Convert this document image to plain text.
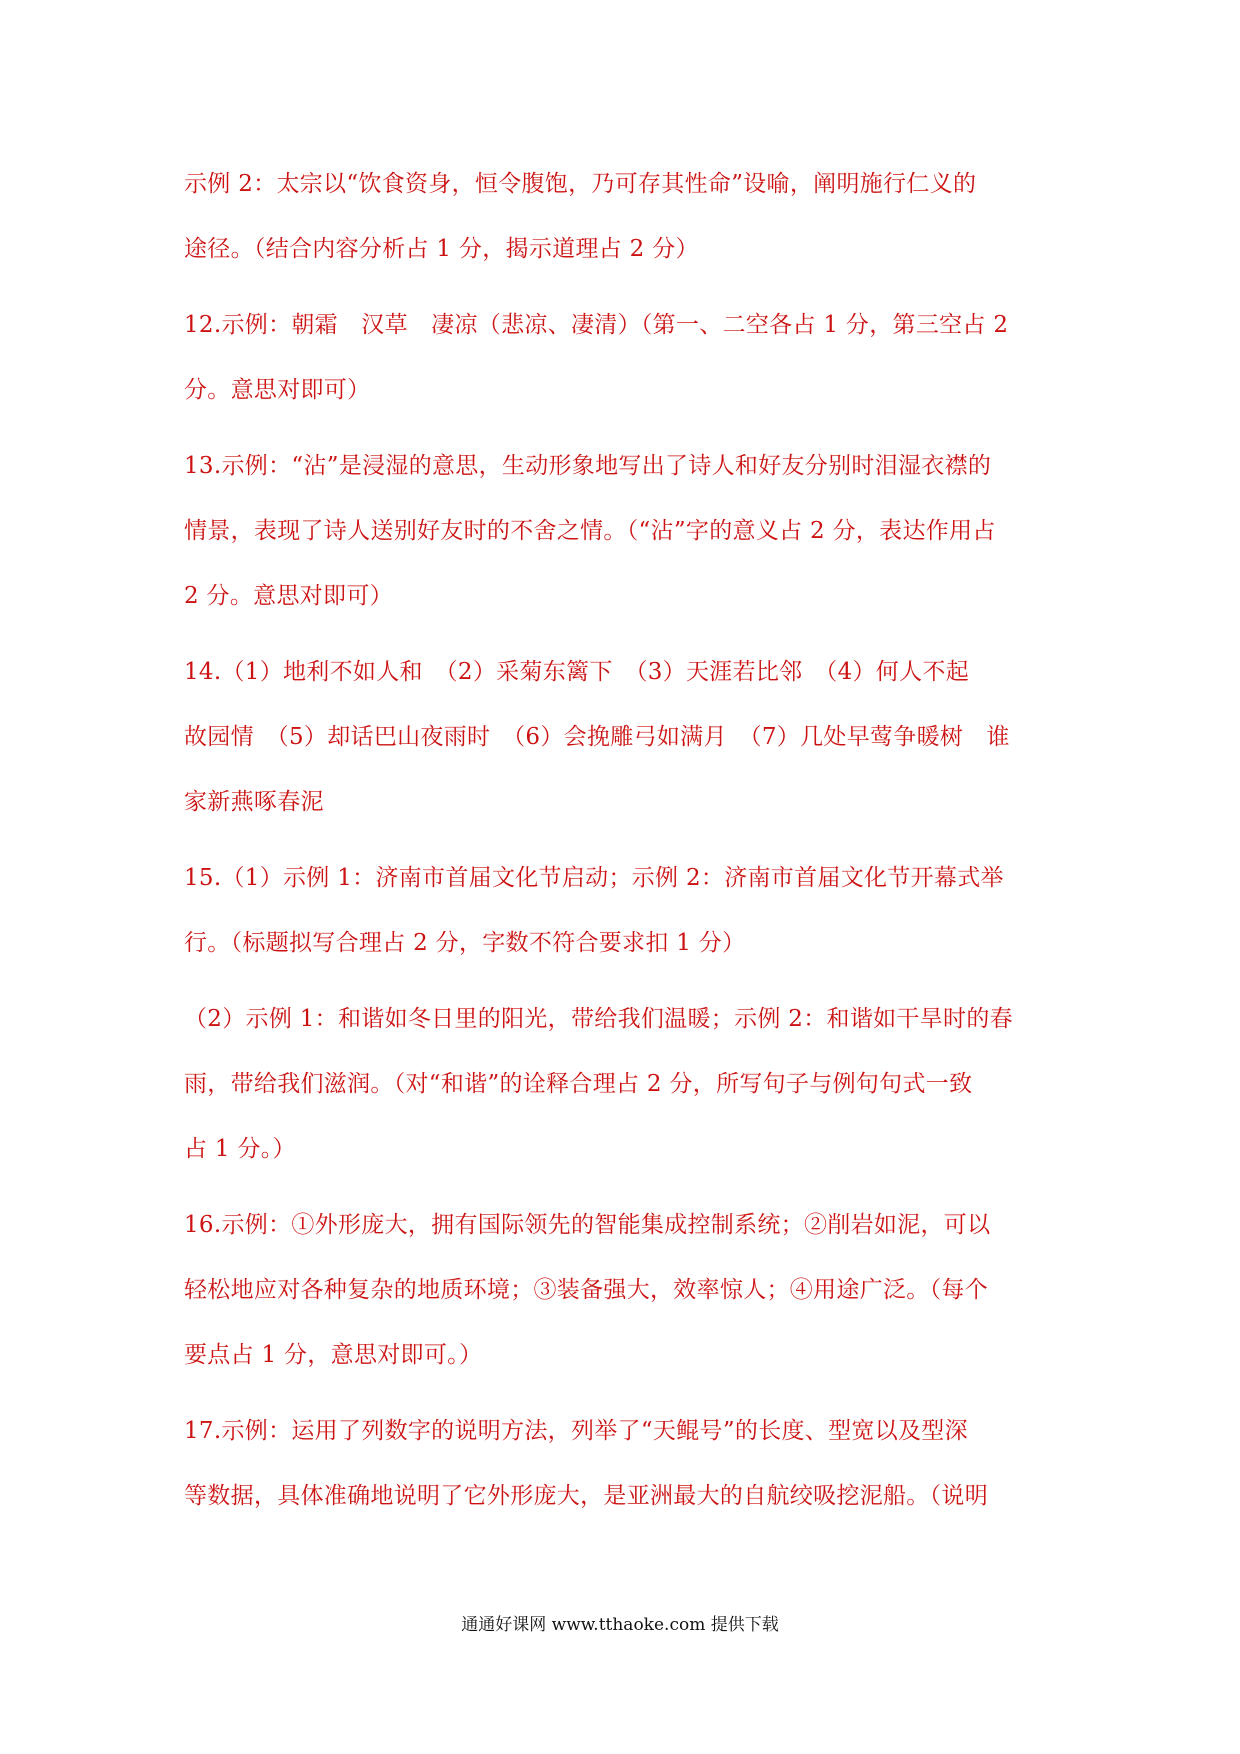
示例 2：太宗以“饮食资身，恒令腹饱，乃可存其性命”设喻，阐明施行仁义的
途径。（结合内容分析占 1 分，揭示道理占 2 分）
12.示例：朝霜　汉草　凄凉（悲凉、凄清）（第一、二空各占 1 分，第三空占 2
分。意思对即可）
13.示例：“沾”是浸湿的意思，生动形象地写出了诗人和好友分别时泪湿衣襟的
情景，表现了诗人送别好友时的不舍之情。（“沾”字的意义占 2 分，表达作用占
2 分。意思对即可）
14.（1）地利不如人和　（2）采菊东篱下　（3）天涯若比邻　（4）何人不起
故园情　（5）却话巴山夜雨时　（6）会挽雕弓如满月　（7）几处早莺争暖树　谁
家新燕啄春泥
15.（1）示例 1：济南市首届文化节启动；示例 2：济南市首届文化节开幕式举
行。（标题拟写合理占 2 分，字数不符合要求扣 1 分）
（2）示例 1：和谐如冬日里的阳光，带给我们温暖；示例 2：和谐如干旱时的春
雨，带给我们滋润。（对“和谐”的诠释合理占 2 分，所写句子与例句句式一致
占 1 分。）
16.示例：①外形庞大，拥有国际领先的智能集成控制系统；②削岩如泥，可以
轻松地应对各种复杂的地质环境；③装备强大，效率惊人；④用途广泛。（每个
要点占 1 分，意思对即可。）
17.示例：运用了列数字的说明方法，列举了“天鲲号”的长度、型宽以及型深
等数据，具体准确地说明了它外形庞大，是亚洲最大的自航绞吸挖泥船。（说明
通通好课网 www.tthaoke.com 提供下载
